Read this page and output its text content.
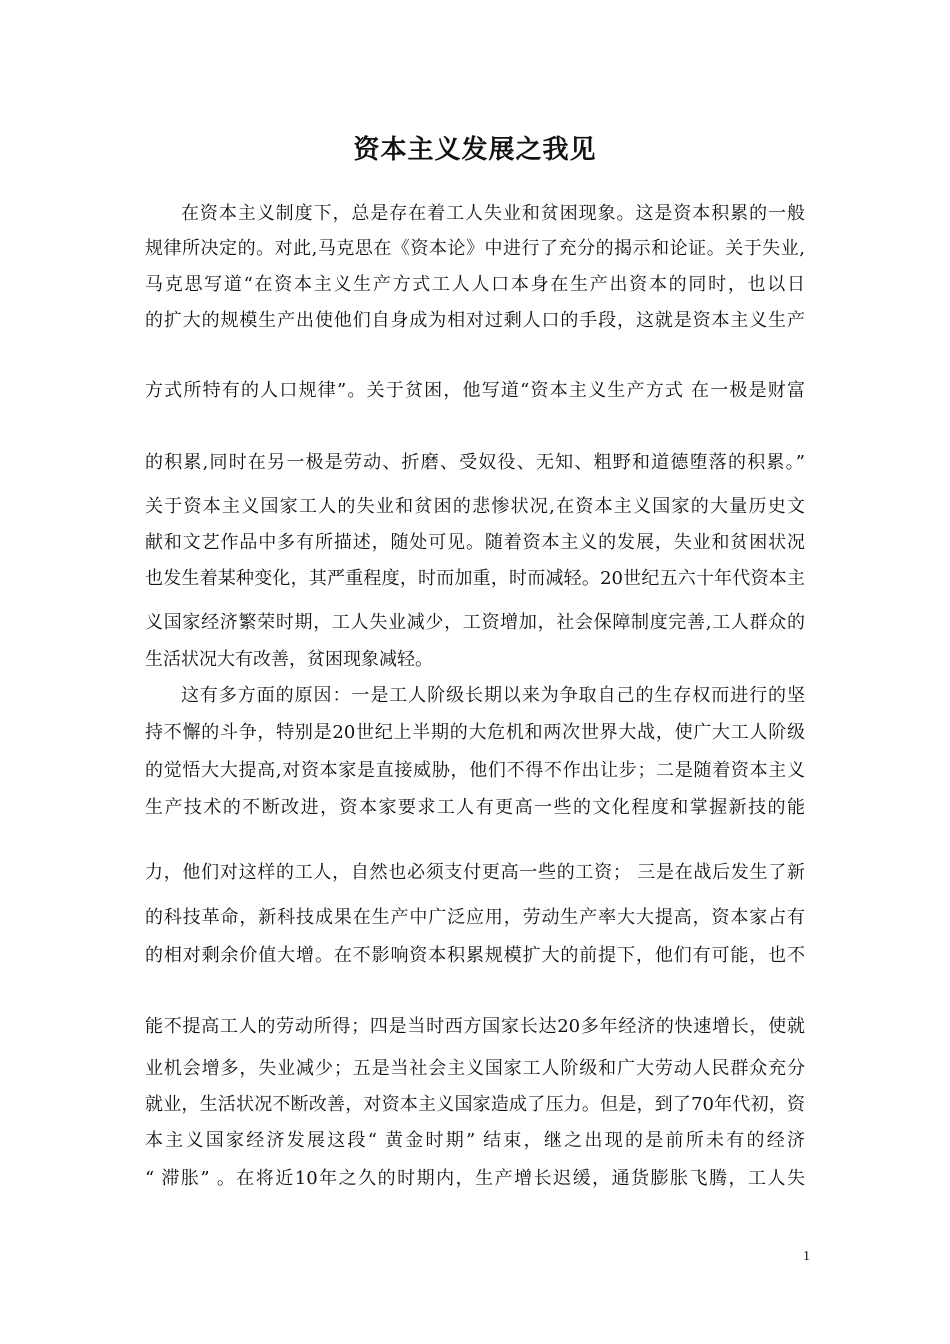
资本主义发展之我见
在资本主义制度下，总是存在着工人失业和贫困现象。这是资本积累的一般
规律所决定的。对此,马克思在《资本论》中进行了充分的揭示和论证。关于失业,
马克思写道“在资本主义生产方式工人人口本身在生产出资本的同时，也以日
的扩大的规模生产出使他们自身成为相对过剩人口的手段，这就是资本主义生产
方式所特有的人口规律”。关于贫困，他写道“资本主义生产方式 在一极是财富
的积累,同时在另一极是劳动、折磨、受奴役、无知、粗野和道德堕落的积累。”
关于资本主义国家工人的失业和贫困的悲惨状况,在资本主义国家的大量历史文
献和文艺作品中多有所描述，随处可见。随着资本主义的发展，失业和贫困状况
也发生着某种变化，其严重程度，时而加重，时而减轻。20世纪五六十年代资本主
义国家经济繁荣时期，工人失业减少，工资增加，社会保障制度完善,工人群众的
生活状况大有改善，贫困现象减轻。
这有多方面的原因：一是工人阶级长期以来为争取自己的生存权而进行的坚
持不懈的斗争，特别是20世纪上半期的大危机和两次世界大战，使广大工人阶级
的觉悟大大提高,对资本家是直接威胁，他们不得不作出让步；二是随着资本主义
生产技术的不断改进，资本家要求工人有更高一些的文化程度和掌握新技的能
力，他们对这样的工人，自然也必须支付更高一些的工资； 三是在战后发生了新
的科技革命，新科技成果在生产中广泛应用，劳动生产率大大提高，资本家占有
的相对剩余价值大增。在不影响资本积累规模扩大的前提下，他们有可能，也不
能不提高工人的劳动所得；四是当时西方国家长达20多年经济的快速增长，使就
业机会增多，失业减少；五是当社会主义国家工人阶级和广大劳动人民群众充分
就业，生活状况不断改善，对资本主义国家造成了压力。但是，到了70年代初，资
本主义国家经济发展这段“ 黄金时期” 结束，继之出现的是前所未有的经济
“ 滞胀” 。在将近10年之久的时期内，生产增长迟缓，通货膨胀飞腾，工人失
1
